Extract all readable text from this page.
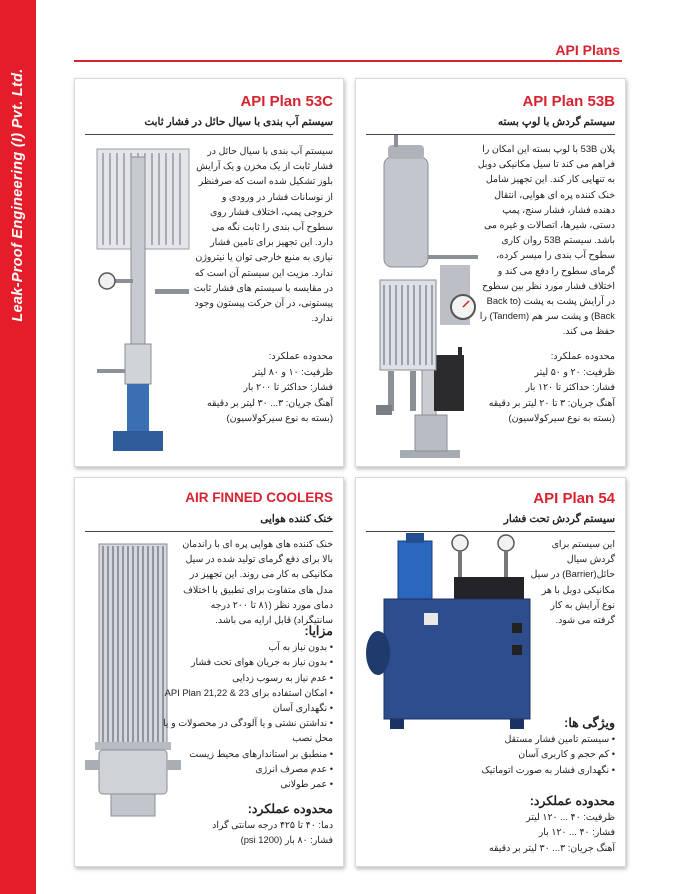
Leak-Proof Engineering (I) Pvt. Ltd.
API Plans
API Plan 53B
سیستم گردش با لوپ بسته

پلان 53B با لوپ بسته این امکان را فراهم می کند تا سیل مکانیکی دوبل به تنهایی کار کند. این تجهیز شامل خنک کننده پره ای هوایی، انتقال دهنده فشار، فشار سنج، پمپ دستی، شیرها، اتصالات و غیره می باشد. سیستم 53B روان کاری سطوح آب بندی را میسر کرده، گرمای سطوح را دفع می کند و اختلاف فشار مورد نظر بین سطوح در آرایش پشت به پشت (Back to Back) و پشت سر هم (Tandem) را حفظ می کند.

محدوده عملکرد:
ظرفیت: ۲۰ و ۵۰ لیتر
فشار: حداکثر تا ۱۲۰ بار
آهنگ جریان: ۳ تا ۲۰ لیتر بر دقیقه
(بسته به نوع سیرکولاسیون)
API Plan 53C
سیستم آب بندی با سیال حائل در فشار ثابت

سیستم آب بندی با سیال حائل در فشار ثابت از یک مخزن و یک آرایش بلوز تشکیل شده است که صرفنظر از نوسانات فشار در ورودی و خروجی پمپ، اختلاف فشار روی سطوح آب بندی را ثابت نگه می دارد. این تجهیز برای تامین فشار نیازی به منبع خارجی توان یا نیتروژن ندارد. مزیت این سیستم آن است که در مقایسه با سیستم های فشار ثابت پیستونی، در آن حرکت پیستون وجود ندارد.

محدوده عملکرد:
ظرفیت: ۱۰ و ۸۰ لیتر
فشار: حداکثر تا ۲۰۰ بار
آهنگ جریان: ۳... ۳۰ لیتر بر دقیقه
(بسته به نوع سیرکولاسیون)
API Plan 54
سیستم گردش تحت فشار

این سیستم برای گردش سیال حائل(Barrier) در سیل مکانیکی دوبل با هر نوع آرایش به کار گرفته می شود.

ویژگی ها:
• سیستم تامین فشار مستقل
• کم حجم و کاربری آسان
• نگهداری فشار به صورت اتوماتیک
محدوده عملکرد:
ظرفیت: ۴۰ ... ۱۲۰ لیتر
فشار: ۴۰ ... ۱۲۰ بار
آهنگ جریان: ۳... ۳۰ لیتر بر دقیقه
AIR FINNED COOLERS
خنک کننده هوایی

خنک کننده های هوایی پره ای با راندمان بالا برای دفع گرمای تولید شده در سیل مکانیکی به کار می روند. این تجهیز در مدل های متفاوت برای تطبیق با اختلاف دمای مورد نظر (۸۱ تا ۲۰۰ درجه سانتیگراد) قابل ارایه می باشد.

مزایا:
• بدون نیاز به آب
• بدون نیاز به جریان هوای تحت فشار
• عدم نیاز به رسوب زدایی
• امکان استفاده برای API Plan 21,22 & 23
• نگهداری آسان
• نداشتن نشتی و یا آلودگی در محصولات و یا محل نصب
• منطبق بر استاندارهای محیط زیست
• عدم مصرف انرژی
• عمر طولانی
محدوده عملکرد:
دما: ۴۰ تا ۴۲۵ درجه سانتی گراد
فشار: ۸۰ بار (1200 psi)
